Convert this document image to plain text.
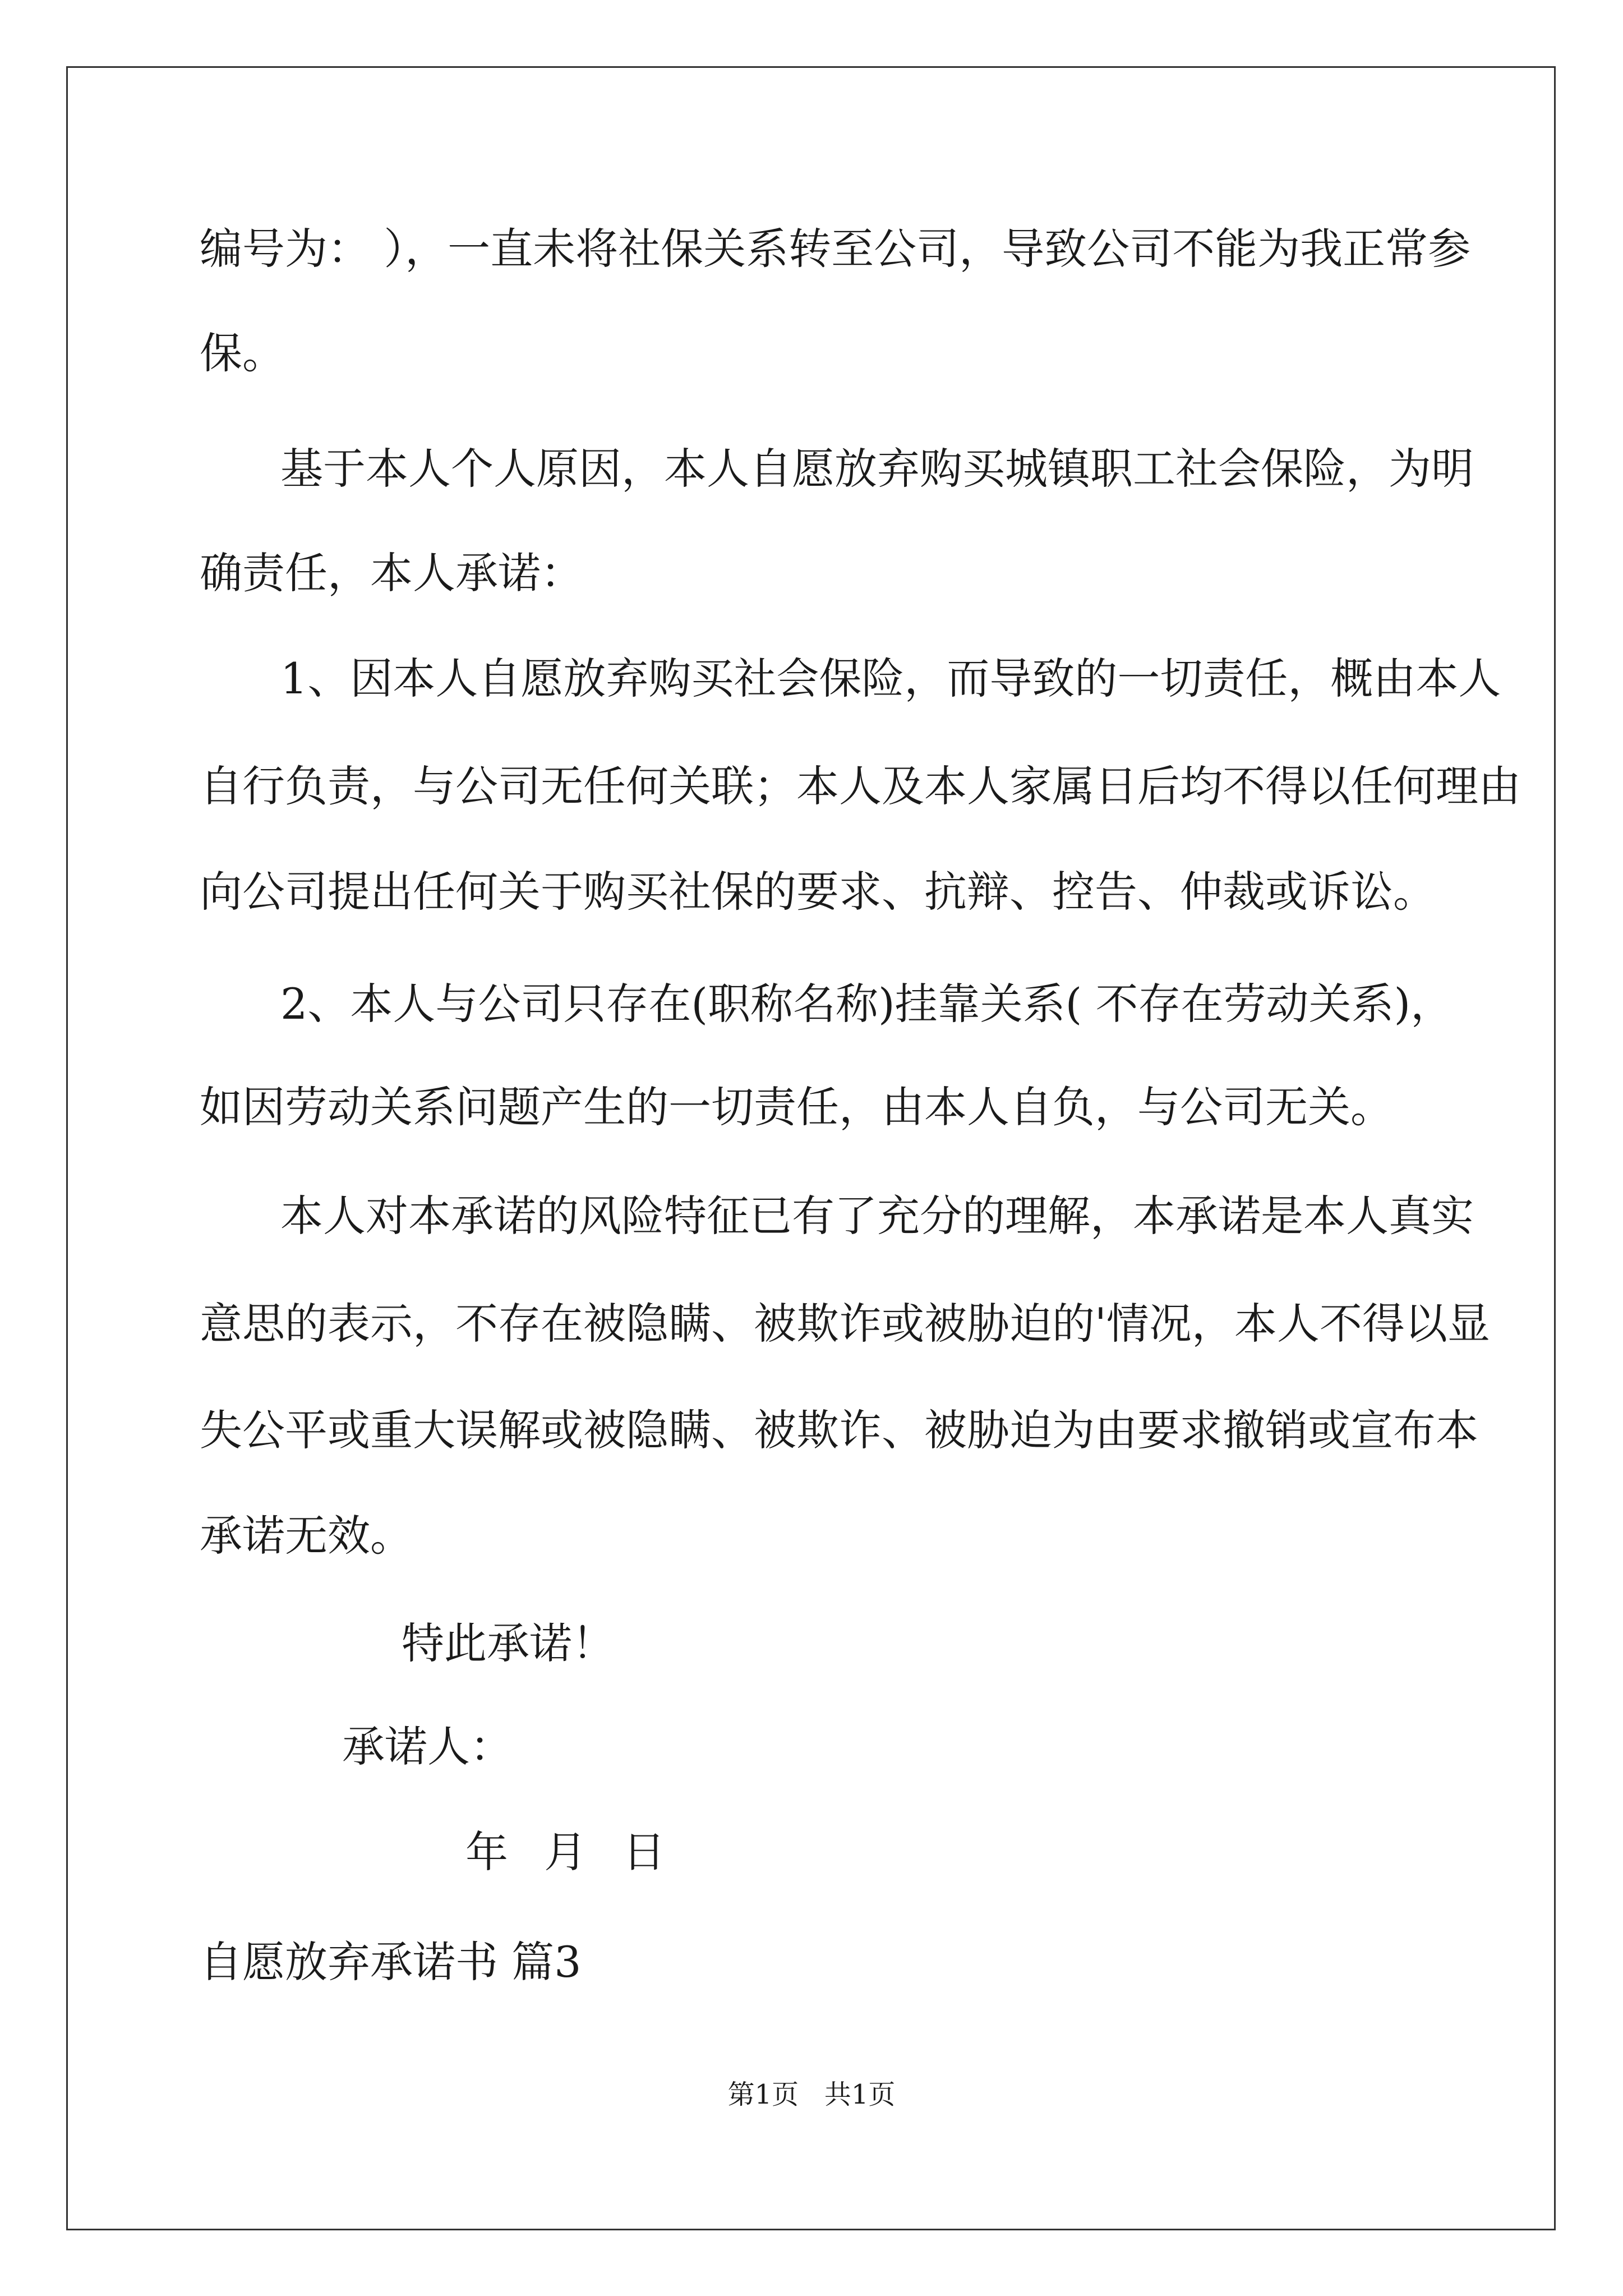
编号为： ），一直未将社保关系转至公司，导致公司不能为我正常参
保。
基于本人个人原因，本人自愿放弃购买城镇职工社会保险，为明
确责任，本人承诺：
1、因本人自愿放弃购买社会保险，而导致的一切责任，概由本人
自行负责，与公司无任何关联；本人及本人家属日后均不得以任何理由
向公司提出任何关于购买社保的要求、抗辩、控告、仲裁或诉讼。
2、本人与公司只存在(职称名称)挂靠关系( 不存在劳动关系)，
如因劳动关系问题产生的一切责任，由本人自负，与公司无关。
本人对本承诺的风险特征已有了充分的理解，本承诺是本人真实
意思的表示，不存在被隐瞒、被欺诈或被胁迫的'情况，本人不得以显
失公平或重大误解或被隐瞒、被欺诈、被胁迫为由要求撤销或宣布本
承诺无效。
特此承诺！
承诺人：
年 月 日
自愿放弃承诺书 篇3
第1页   共1页
